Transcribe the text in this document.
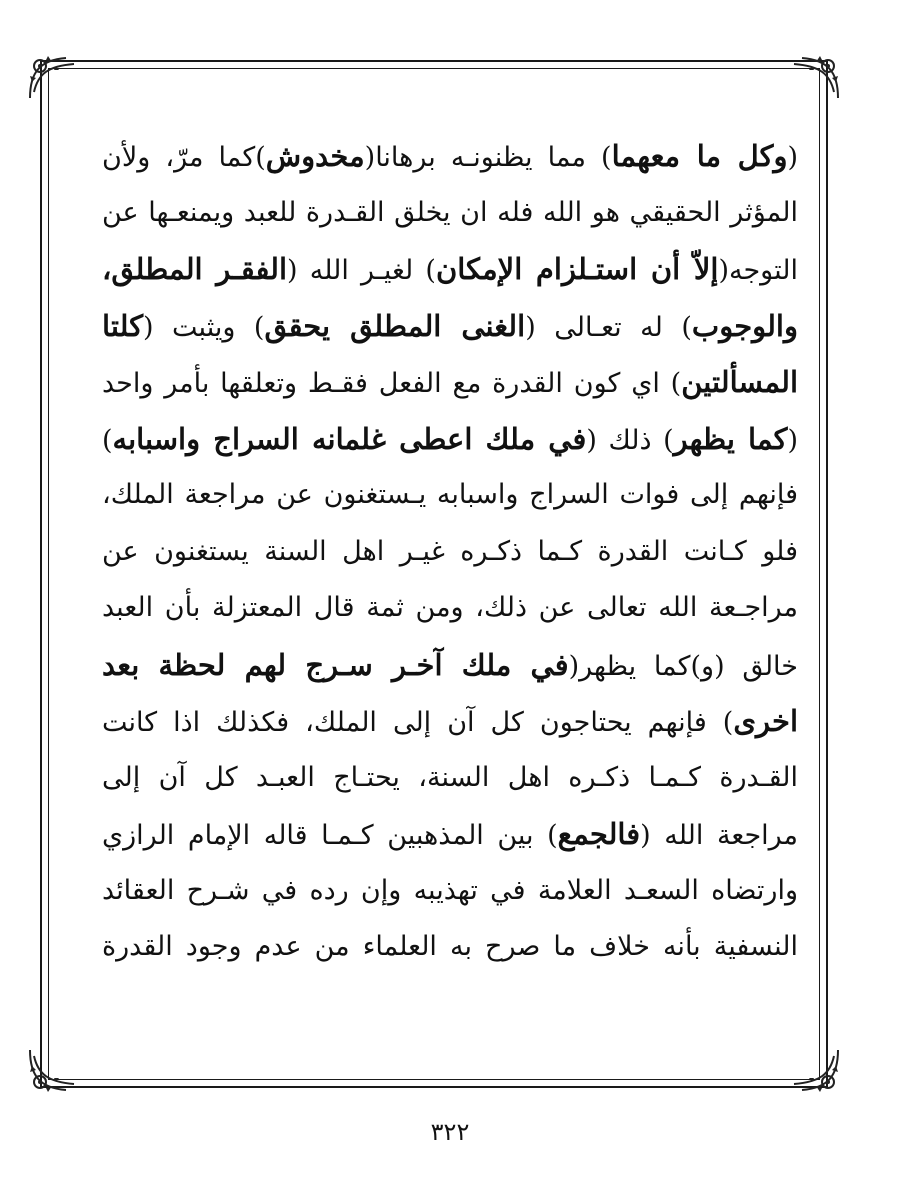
(وكل ما معهما) مما يظنونـه برهانا(مخدوش)كما مرّ، ولأن
المؤثر الحقيقي هو الله فله ان يخلق القـدرة للعبد ويمنعـها عن
التوجه(إلاّ أن استـلزام الإمكان) لغيـر الله (الفقـر المطلق،
والوجوب) له تعـالى (الغنى المطلق يحقق) ويثبت (كلتا
المسألتين) اي كون القدرة مع الفعل فقـط وتعلقها بأمر واحد
(كما يظهر) ذلك (في ملك اعطى غلمانه السراج واسبابه)
فإنهم إلى فوات السراج واسبابه يـستغنون عن مراجعة الملك،
فلو كـانت القدرة كـما ذكـره غيـر اهل السنة يستغنون عن
مراجـعة الله تعالى عن ذلك، ومن ثمة قال المعتزلة بأن العبد
خالق (و)كما يظهر(في ملك آخـر سـرج لهم لحظة بعد
اخرى) فإنهم يحتاجون كل آن إلى الملك، فكذلك اذا كانت
القـدرة كـمـا ذكـره اهل السنة، يحتـاج العبـد كل آن إلى
مراجعة الله (فالجمع) بين المذهبين كـمـا قاله الإمام الرازي
وارتضاه السعـد العلامة في تهذيبه وإن رده في شـرح العقائد
النسفية بأنه خلاف ما صرح به العلماء من عدم وجود القدرة
٣٢٢
